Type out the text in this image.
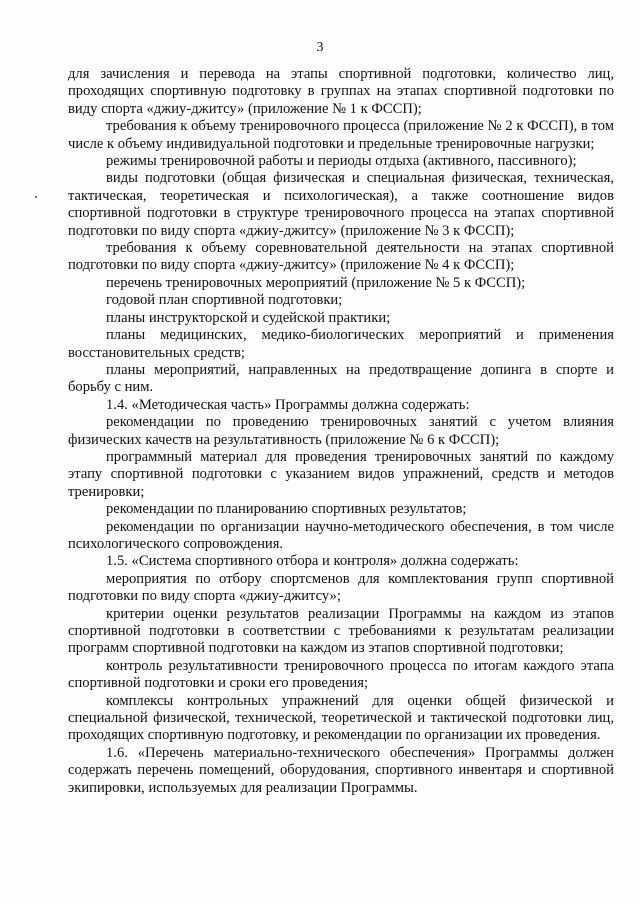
3

для зачисления и перевода на этапы спортивной подготовки, количество лиц, проходящих спортивную подготовку в группах на этапах спортивной подготовки по виду спорта «джиу-джитсу» (приложение № 1 к ФССП);

требования к объему тренировочного процесса (приложение № 2 к ФССП), в том числе к объему индивидуальной подготовки и предельные тренировочные нагрузки;

режимы тренировочной работы и периоды отдыха (активного, пассивного);

виды подготовки (общая физическая и специальная физическая, техническая, тактическая, теоретическая и психологическая), а также соотношение видов спортивной подготовки в структуре тренировочного процесса на этапах спортивной подготовки по виду спорта «джиу-джитсу» (приложение № 3 к ФССП);

требования к объему соревновательной деятельности на этапах спортивной подготовки по виду спорта «джиу-джитсу» (приложение № 4 к ФССП);

перечень тренировочных мероприятий (приложение № 5 к ФССП);

годовой план спортивной подготовки;

планы инструкторской и судейской практики;

планы медицинских, медико-биологических мероприятий и применения восстановительных средств;

планы мероприятий, направленных на предотвращение допинга в спорте и борьбу с ним.

1.4. «Методическая часть» Программы должна содержать:

рекомендации по проведению тренировочных занятий с учетом влияния физических качеств на результативность (приложение № 6 к ФССП);

программный материал для проведения тренировочных занятий по каждому этапу спортивной подготовки с указанием видов упражнений, средств и методов тренировки;

рекомендации по планированию спортивных результатов;

рекомендации по организации научно-методического обеспечения, в том числе психологического сопровождения.

1.5. «Система спортивного отбора и контроля» должна содержать:

мероприятия по отбору спортсменов для комплектования групп спортивной подготовки по виду спорта «джиу-джитсу»;

критерии оценки результатов реализации Программы на каждом из этапов спортивной подготовки в соответствии с требованиями к результатам реализации программ спортивной подготовки на каждом из этапов спортивной подготовки;

контроль результативности тренировочного процесса по итогам каждого этапа спортивной подготовки и сроки его проведения;

комплексы контрольных упражнений для оценки общей физической и специальной физической, технической, теоретической и тактической подготовки лиц, проходящих спортивную подготовку, и рекомендации по организации их проведения.

1.6. «Перечень материально-технического обеспечения» Программы должен содержать перечень помещений, оборудования, спортивного инвентаря и спортивной экипировки, используемых для реализации Программы.
